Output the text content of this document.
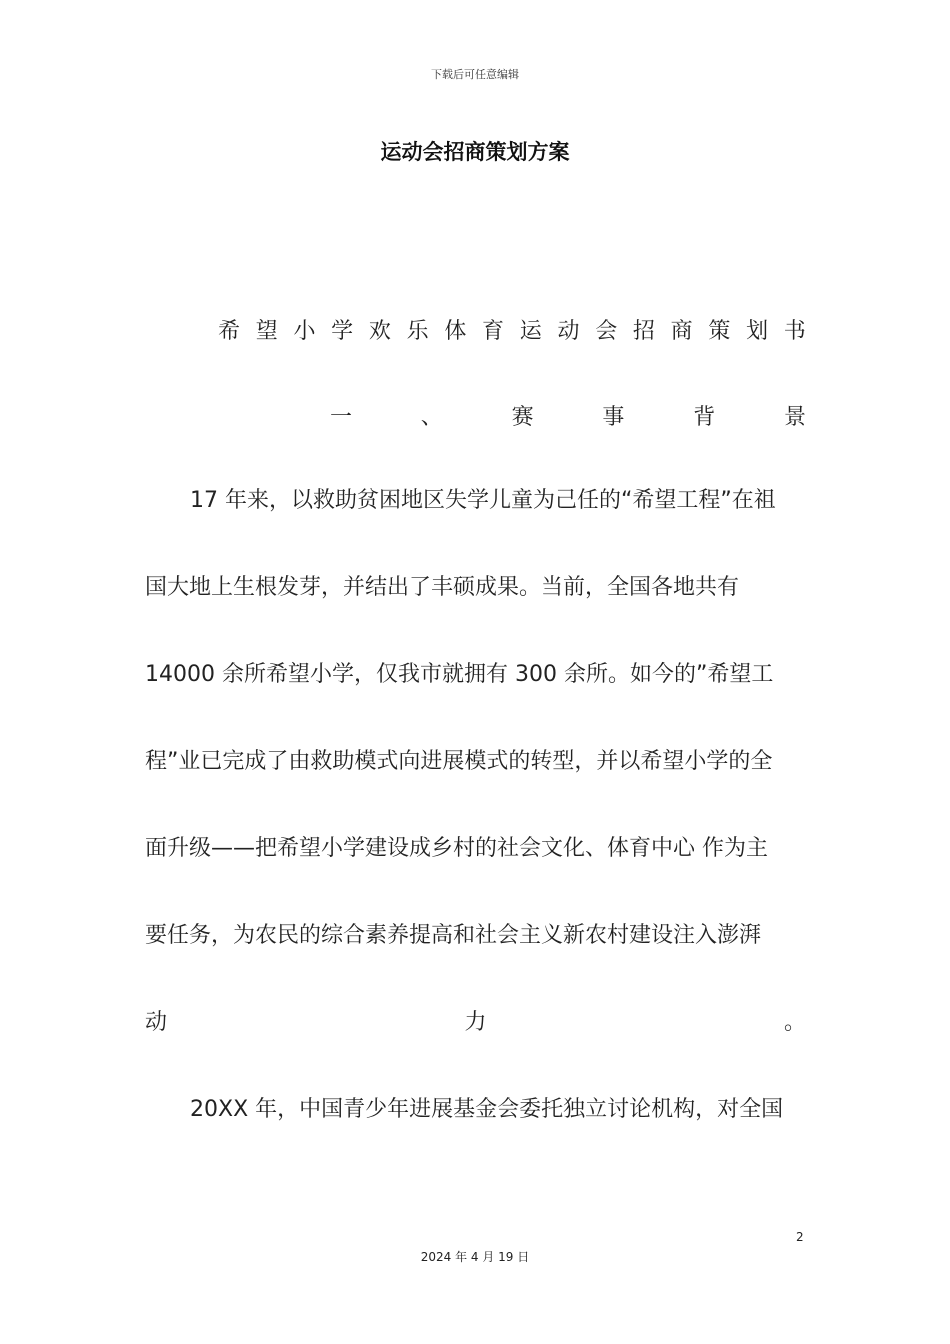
下载后可任意编辑
运动会招商策划方案
希 望 小 学 欢 乐 体 育 运 动 会 招 商 策 划 书
一	、	赛	事	背	景
17 年来，以救助贫困地区失学儿童为己任的“希望工程”在祖
国大地上生根发芽，并结出了丰硕成果。当前，全国各地共有
14000 余所希望小学，仅我市就拥有 300 余所。如今的”希望工
程”业已完成了由救助模式向进展模式的转型，并以希望小学的全
面升级——把希望小学建设成乡村的社会文化、体育中心 作为主
要任务，为农民的综合素养提高和社会主义新农村建设注入澎湃
动	力	。
20XX 年，中国青少年进展基金会委托独立讨论机构，对全国
2
2024 年 4 月 19 日
